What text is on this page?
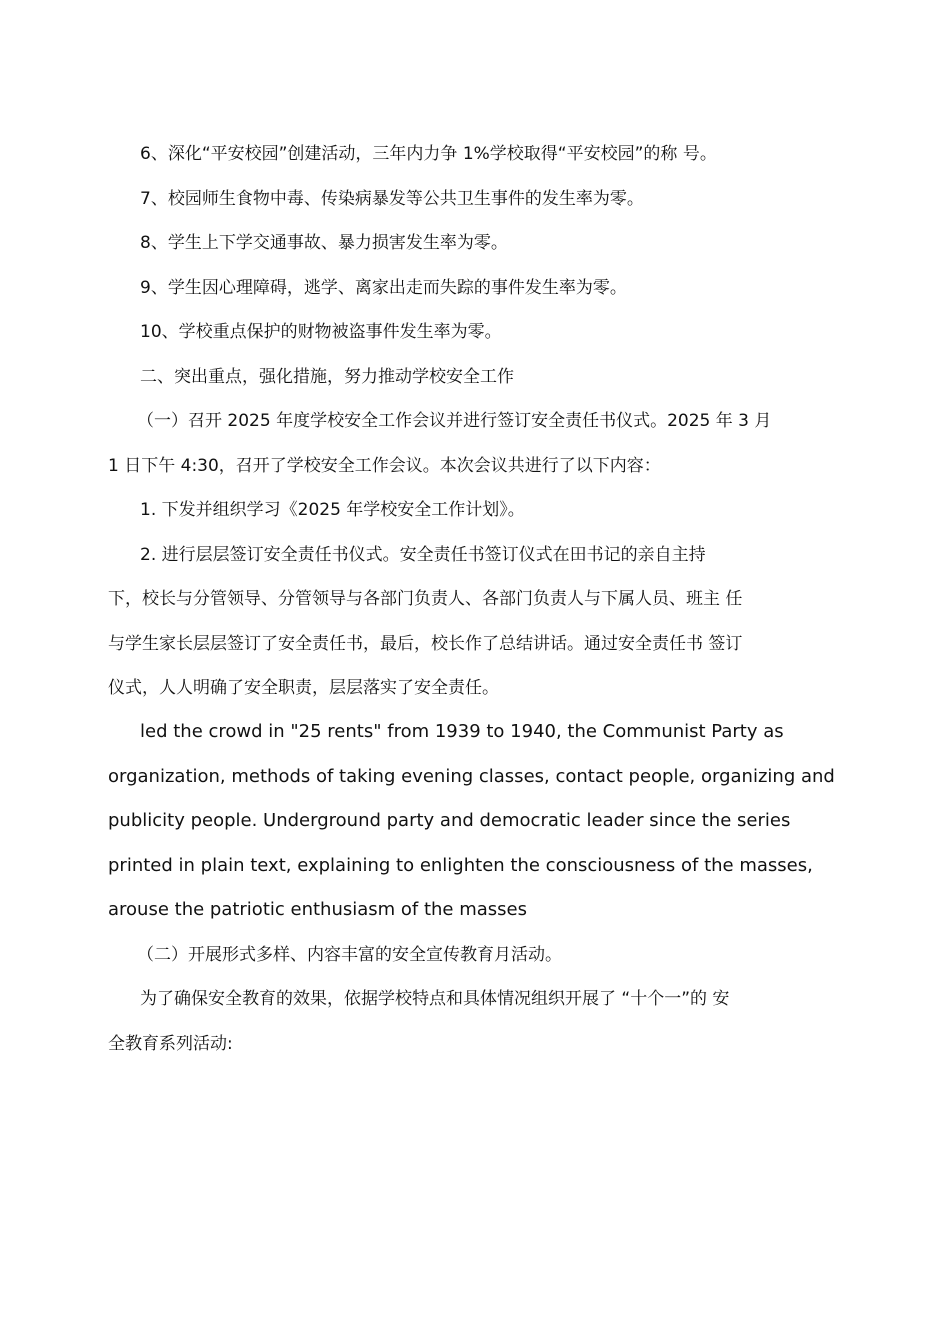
6、深化“平安校园”创建活动，三年内力争 1%学校取得“平安校园”的称 号。
7、校园师生食物中毒、传染病暴发等公共卫生事件的发生率为零。
8、学生上下学交通事故、暴力损害发生率为零。
9、学生因心理障碍，逃学、离家出走而失踪的事件发生率为零。
10、学校重点保护的财物被盗事件发生率为零。
二、突出重点，强化措施，努力推动学校安全工作
（一）召开 2025 年度学校安全工作会议并进行签订安全责任书仪式。2025 年 3 月
1 日下午 4:30，召开了学校安全工作会议。本次会议共进行了以下内容：
1. 下发并组织学习《2025 年学校安全工作计划》。
2. 进行层层签订安全责任书仪式。安全责任书签订仪式在田书记的亲自主持
下，校长与分管领导、分管领导与各部门负责人、各部门负责人与下属人员、班主 任
与学生家长层层签订了安全责任书，最后，校长作了总结讲话。通过安全责任书 签订
仪式，人人明确了安全职责，层层落实了安全责任。
led the crowd in "25 rents" from 1939 to 1940, the Communist Party as
organization, methods of taking evening classes, contact people, organizing and
publicity people. Underground party and democratic leader since the series
printed in plain text, explaining to enlighten the consciousness of the masses,
arouse the patriotic enthusiasm of the masses
（二）开展形式多样、内容丰富的安全宣传教育月活动。
为了确保安全教育的效果，依据学校特点和具体情况组织开展了 “十个一”的 安
全教育系列活动:
